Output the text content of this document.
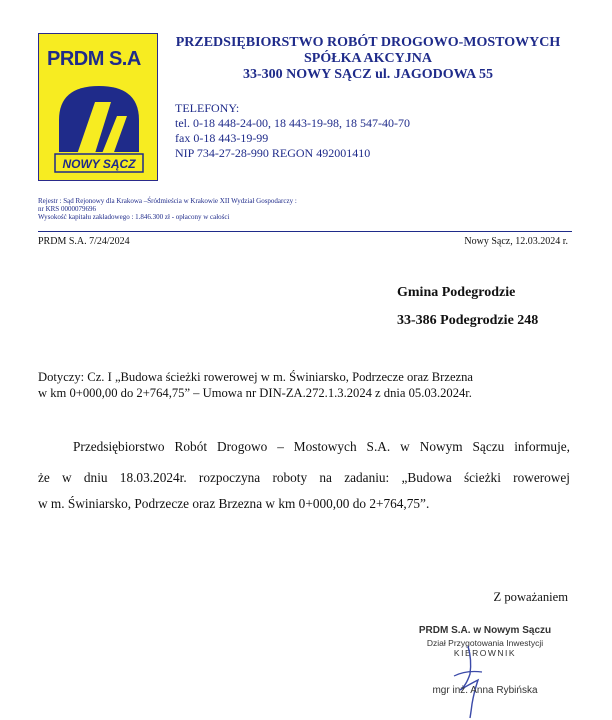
PRDM S.A
NOWY SĄCZ
PRZEDSIĘBIORSTWO ROBÓT DROGOWO-MOSTOWYCH
SPÓŁKA AKCYJNA
33-300 NOWY SĄCZ ul. JAGODOWA 55
TELEFONY:
tel. 0-18 448-24-00, 18 443-19-98, 18 547-40-70
fax 0-18 443-19-99
NIP 734-27-28-990 REGON 492001410
Rejestr : Sąd Rejonowy dla Krakowa –Śródmieścia w Krakowie XII Wydział Gospodarczy :
nr KRS 0000079696
Wysokość kapitału zakładowego : 1.846.300 zł - opłacony w całości
PRDM S.A. 7/24/2024	Nowy Sącz, 12.03.2024 r.
Gmina Podegrodzie
33-386 Podegrodzie 248
Dotyczy: Cz. I „Budowa ścieżki rowerowej w m. Świniarsko, Podrzecze oraz Brzezna
w km 0+000,00 do 2+764,75” – Umowa nr DIN-ZA.272.1.3.2024 z dnia 05.03.2024r.
Przedsiębiorstwo Robót Drogowo – Mostowych S.A. w Nowym Sączu informuje,
że w dniu 18.03.2024r. rozpoczyna roboty na zadaniu: „Budowa ścieżki rowerowej
w m. Świniarsko, Podrzecze oraz Brzezna w km 0+000,00 do 2+764,75”.
Z poważaniem
PRDM S.A. w Nowym Sączu
Dział Przygotowania Inwestycji
KIEROWNIK
mgr inż. Anna Rybińska
